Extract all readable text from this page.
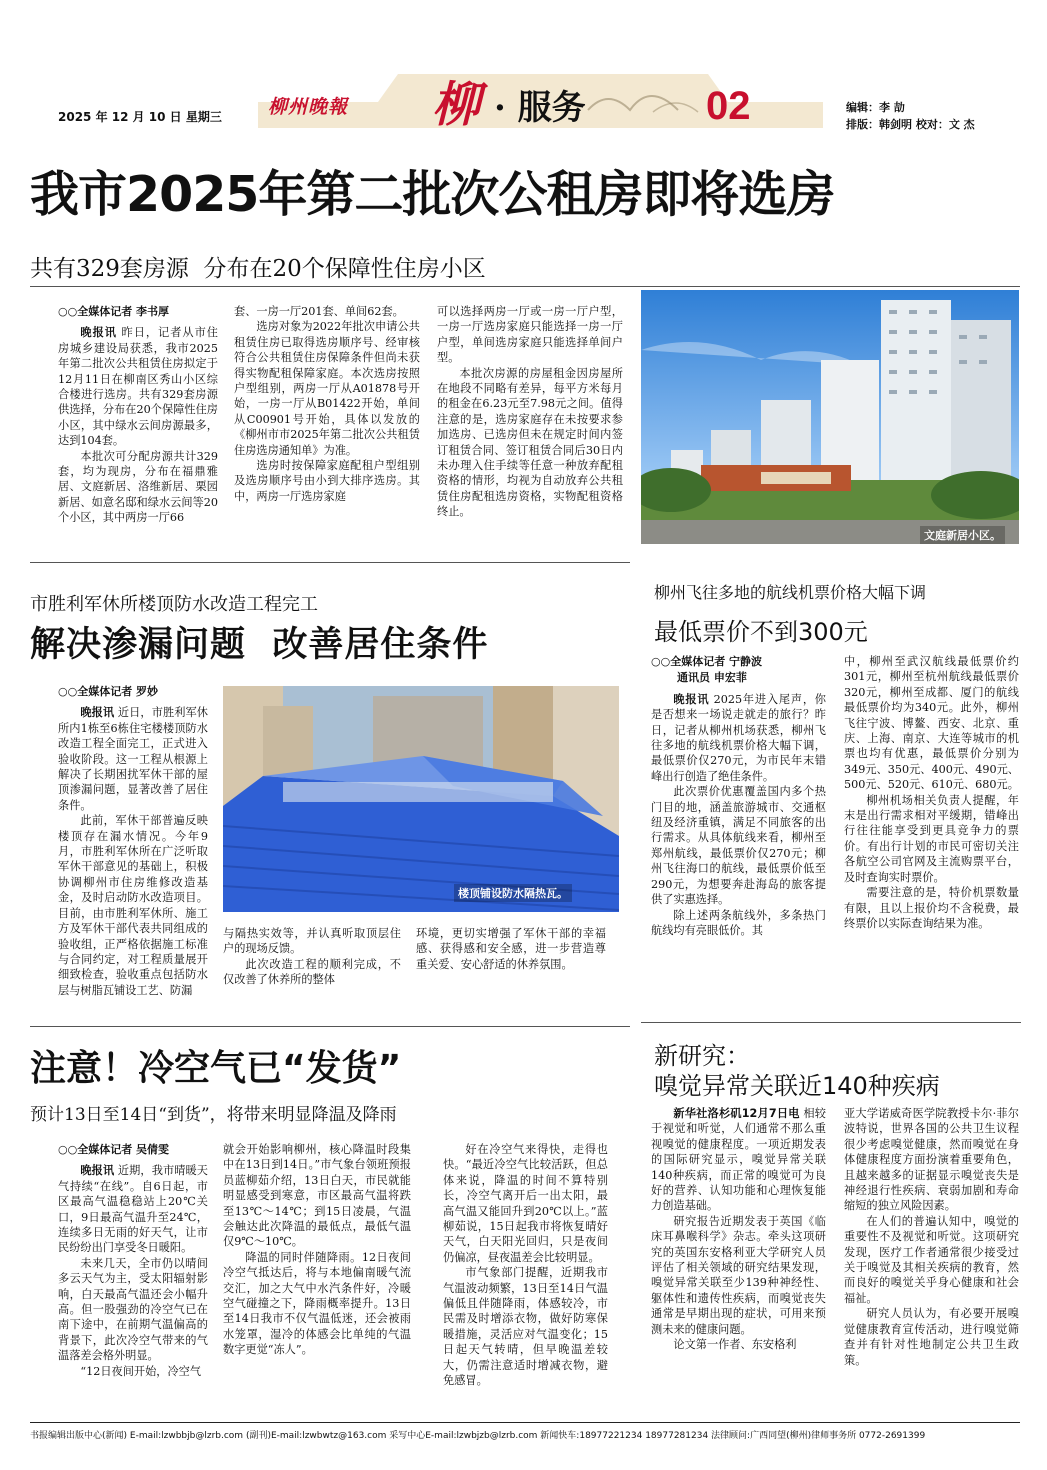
2025 年 12 月 10 日 星期三 柳州晚報 柳 · 服务	02	编辑：李 劼
排版：韩剑明 校对：文 杰
我市2025年第二批次公租房即将选房
共有329套房源  分布在20个保障性住房小区
○○全媒体记者 李书厚

晚报讯 昨日，记者从市住房城乡建设局获悉，我市2025年第二批次公共租赁住房拟定于12月11日在柳南区秀山小区综合楼进行选房。共有329套房源供选择，分布在20个保障性住房小区，其中绿水云间房源最多，达到104套。

本批次可分配房源共计329套，均为现房，分布在福鼎雅居、文庭新居、洛维新居、栗园新居、如意名邸和绿水云间等20个小区，其中两房一厅66

套、一房一厅201套、单间62套。

选房对象为2022年批次申请公共租赁住房已取得选房顺序号、经审核符合公共租赁住房保障条件但尚未获得实物配租保障家庭。本次选房按照户型组别，两房一厅从A01878号开始，一房一厅从B01422开始，单间从C00901号开始，具体以发放的《柳州市市2025年第二批次公共租赁住房选房通知单》为准。

选房时按保障家庭配租户型组别及选房顺序号由小到大排序选房。其中，两房一厅选房家庭

可以选择两房一厅或一房一厅户型，一房一厅选房家庭只能选择一房一厅户型，单间选房家庭只能选择单间户型。

本批次房源的房屋租金因房屋所在地段不同略有差异，每平方米每月的租金在6.23元至7.98元之间。值得注意的是，选房家庭存在未按要求参加选房、已选房但未在规定时间内签订租赁合同、签订租赁合同后30日内未办理入住手续等任意一种放弃配租资格的情形，均视为自动放弃公共租赁住房配租选房资格，实物配租资格终止。

文庭新居小区。
市胜利军休所楼顶防水改造工程完工
解决渗漏问题  改善居住条件
○○全媒体记者 罗妙

晚报讯 近日，市胜利军休所内1栋至6栋住宅楼楼顶防水改造工程全面完工，正式进入验收阶段。这一工程从根源上解决了长期困扰军休干部的屋顶渗漏问题，显著改善了居住条件。

此前，军休干部普遍反映楼顶存在漏水情况。今年9月，市胜利军休所在广泛听取军休干部意见的基础上，积极协调柳州市住房维修改造基金，及时启动防水改造项目。目前，由市胜利军休所、施工方及军休干部代表共同组成的验收组，正严格依据施工标准与合同约定，对工程质量展开细致检查，验收重点包括防水层与树脂瓦铺设工艺、防漏

楼顶铺设防水隔热瓦。

与隔热实效等，并认真听取顶层住户的现场反馈。

此次改造工程的顺利完成，不仅改善了休养所的整体

环境，更切实增强了军休干部的幸福感、获得感和安全感，进一步营造尊重关爱、安心舒适的休养氛围。

柳州飞往多地的航线机票价格大幅下调
最低票价不到300元
○○全媒体记者 宁静波
通讯员 申宏菲

晚报讯 2025年进入尾声，你是否想来一场说走就走的旅行？昨日，记者从柳州机场获悉，柳州飞往多地的航线机票价格大幅下调，最低票价仅270元，为市民年末错峰出行创造了绝佳条件。

此次票价优惠覆盖国内多个热门目的地，涵盖旅游城市、交通枢纽及经济重镇，满足不同旅客的出行需求。从具体航线来看，柳州至郑州航线，最低票价仅270元；柳州飞往海口的航线，最低票价低至290元，为想要奔赴海岛的旅客提供了实惠选择。

除上述两条航线外，多条热门航线均有亮眼低价。其

中，柳州至武汉航线最低票价约301元，柳州至杭州航线最低票价320元，柳州至成都、厦门的航线最低票价均为340元。此外，柳州飞往宁波、博鳌、西安、北京、重庆、上海、南京、大连等城市的机票也均有优惠，最低票价分别为349元、350元、400元、490元、500元、520元、610元、680元。

柳州机场相关负责人提醒，年末是出行需求相对平缓期，错峰出行往往能享受到更具竞争力的票价。有出行计划的市民可密切关注各航空公司官网及主流购票平台，及时查询实时票价。

需要注意的是，特价机票数量有限，且以上报价均不含税费，最终票价以实际查询结果为准。

注意！冷空气已“发货”
预计13日至14日“到货”，将带来明显降温及降雨
○○全媒体记者 吴倩雯

晚报讯 近期，我市晴暖天气持续“在线”。自6日起，市区最高气温稳稳站上20℃关口，9日最高气温升至24℃，连续多日无雨的好天气，让市民纷纷出门享受冬日暖阳。

未来几天，全市仍以晴间多云天气为主，受太阳辐射影响，白天最高气温还会小幅升高。但一股强劲的冷空气已在南下途中，在前期气温偏高的背景下，此次冷空气带来的气温落差会格外明显。

“12日夜间开始，冷空气

就会开始影响柳州，核心降温时段集中在13日到14日。”市气象台领班预报员蓝柳茹介绍，13日白天，市民就能明显感受到寒意，市区最高气温将跌至13℃～14℃；到15日凌晨，气温会触达此次降温的最低点，最低气温仅9℃～10℃。

降温的同时伴随降雨。12日夜间冷空气抵达后，将与本地偏南暖气流交汇，加之大气中水汽条件好，冷暖空气碰撞之下，降雨概率提升。13日至14日我市不仅气温低迷，还会被雨水笼罩，湿冷的体感会比单纯的气温数字更觉“冻人”。

好在冷空气来得快，走得也快。“最近冷空气比较活跃，但总体来说，降温的时间不算特别长，冷空气离开后一出太阳，最高气温又能回升到20℃以上。”蓝柳茹说，15日起我市将恢复晴好天气，白天阳光回归，只是夜间仍偏凉，昼夜温差会比较明显。

市气象部门提醒，近期我市气温波动频繁，13日至14日气温偏低且伴随降雨，体感较冷，市民需及时增添衣物，做好防寒保暖措施，灵活应对气温变化；15日起天气转晴，但早晚温差较大，仍需注意适时增减衣物，避免感冒。

新研究：
嗅觉异常关联近140种疾病

新华社洛杉矶12月7日电 相较于视觉和听觉，人们通常不那么重视嗅觉的健康程度。一项近期发表的国际研究显示，嗅觉异常关联140种疾病，而正常的嗅觉可为良好的营养、认知功能和心理恢复能力创造基础。

研究报告近期发表于英国《临床耳鼻喉科学》杂志。牵头这项研究的英国东安格利亚大学研究人员评估了相关领域的研究结果发现，嗅觉异常关联至少139种神经性、躯体性和遗传性疾病，而嗅觉丧失通常是早期出现的症状，可用来预测未来的健康问题。

论文第一作者、东安格利

亚大学诺威奇医学院教授卡尔·菲尔波特说，世界各国的公共卫生议程很少考虑嗅觉健康，然而嗅觉在身体健康程度方面扮演着重要角色，且越来越多的证据显示嗅觉丧失是神经退行性疾病、衰弱加剧和寿命缩短的独立风险因素。

在人们的普遍认知中，嗅觉的重要性不及视觉和听觉。这项研究发现，医疗工作者通常很少接受过关于嗅觉及其相关疾病的教育，然而良好的嗅觉关乎身心健康和社会福祉。

研究人员认为，有必要开展嗅觉健康教育宣传活动，进行嗅觉筛查并有针对性地制定公共卫生政策。

书报编辑出版中心(新闻) E-mail:lzwbbjb@lzrb.com (副刊)E-mail:lzwbwtz@163.com 采写中心E-mail:lzwbjzb@lzrb.com 新闻快车:18977221234 18977281234 法律顾问:广西同望(柳州)律师事务所 0772-2691399
